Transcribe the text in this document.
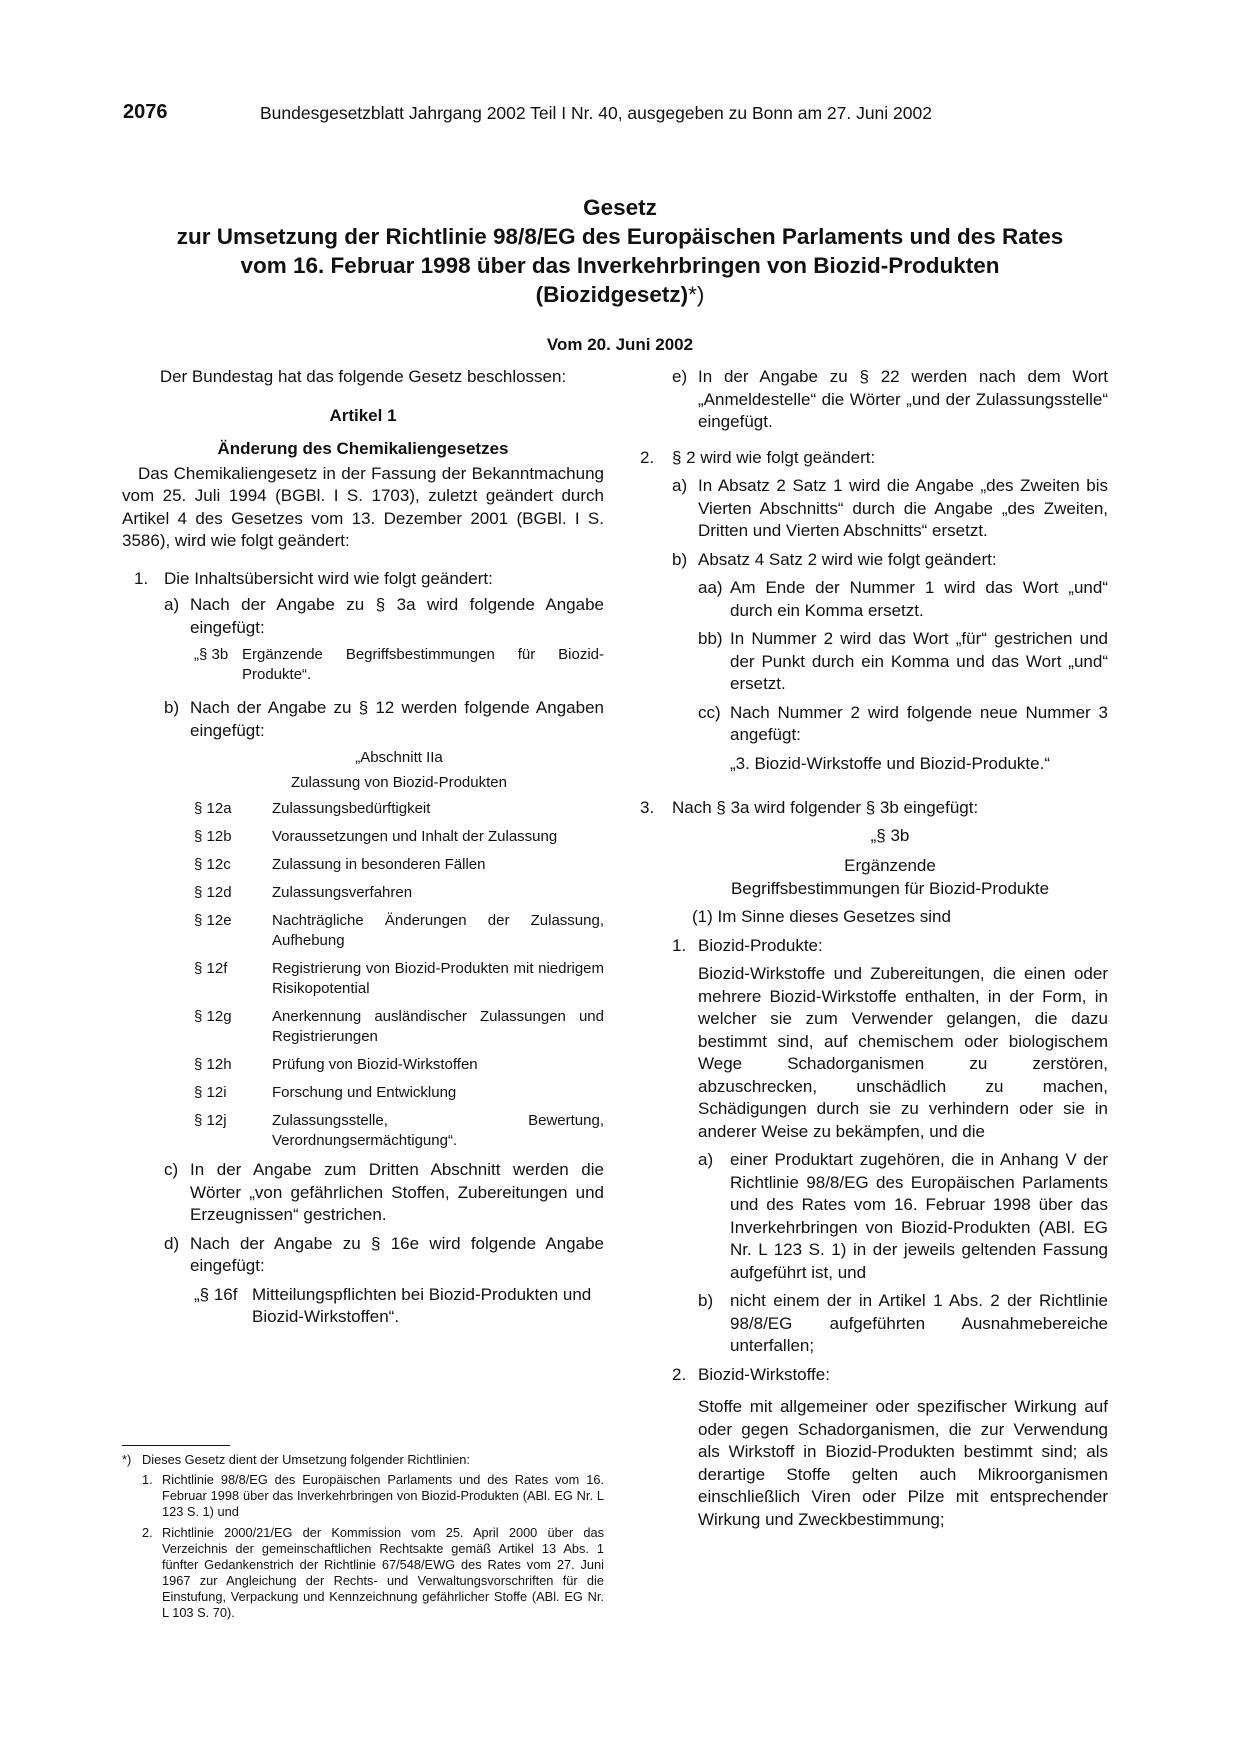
2076	Bundesgesetzblatt Jahrgang 2002 Teil I Nr. 40, ausgegeben zu Bonn am 27. Juni 2002
Gesetz
zur Umsetzung der Richtlinie 98/8/EG des Europäischen Parlaments und des Rates
vom 16. Februar 1998 über das Inverkehrbringen von Biozid-Produkten
(Biozidgesetz)*)
Vom 20. Juni 2002

Der Bundestag hat das folgende Gesetz beschlossen:

Artikel 1

Änderung des Chemikaliengesetzes

Das Chemikaliengesetz in der Fassung der Bekanntmachung vom 25. Juli 1994 (BGBl. I S. 1703), zuletzt geändert durch Artikel 4 des Gesetzes vom 13. Dezember 2001 (BGBl. I S. 3586), wird wie folgt geändert:

1. Die Inhaltsübersicht wird wie folgt geändert:
a) Nach der Angabe zu § 3a wird folgende Angabe eingefügt:
„§ 3b Ergänzende Begriffsbestimmungen für Biozid-Produkte“.
b) Nach der Angabe zu § 12 werden folgende Angaben eingefügt:

„Abschnitt IIa

Zulassung von Biozid-Produkten

§ 12a	Zulassungsbedürftigkeit
§ 12b	Voraussetzungen und Inhalt der Zulassung
§ 12c	Zulassung in besonderen Fällen
§ 12d	Zulassungsverfahren
§ 12e	Nachträgliche Änderungen der Zulassung, Aufhebung
§ 12f	Registrierung von Biozid-Produkten mit niedrigem Risikopotential
§ 12g	Anerkennung ausländischer Zulassungen und Registrierungen
§ 12h	Prüfung von Biozid-Wirkstoffen
§ 12i	Forschung und Entwicklung
§ 12j	Zulassungsstelle, Bewertung, Verordnungsermächtigung“.
c) In der Angabe zum Dritten Abschnitt werden die Wörter „von gefährlichen Stoffen, Zubereitungen und Erzeugnissen“ gestrichen.
d) Nach der Angabe zu § 16e wird folgende Angabe eingefügt:
„§ 16f Mitteilungspflichten bei Biozid-Produkten und Biozid-Wirkstoffen“.
*) Dieses Gesetz dient der Umsetzung folgender Richtlinien:
1. Richtlinie 98/8/EG des Europäischen Parlaments und des Rates vom 16. Februar 1998 über das Inverkehrbringen von Biozid-Produkten (ABl. EG Nr. L 123 S. 1) und
2. Richtlinie 2000/21/EG der Kommission vom 25. April 2000 über das Verzeichnis der gemeinschaftlichen Rechtsakte gemäß Artikel 13 Abs. 1 fünfter Gedankenstrich der Richtlinie 67/548/EWG des Rates vom 27. Juni 1967 zur Angleichung der Rechts- und Verwaltungsvorschriften für die Einstufung, Verpackung und Kennzeichnung gefährlicher Stoffe (ABl. EG Nr. L 103 S. 70).
e) In der Angabe zu § 22 werden nach dem Wort „Anmeldestelle“ die Wörter „und der Zulassungsstelle“ eingefügt.
2.	§ 2 wird wie folgt geändert:
a) In Absatz 2 Satz 1 wird die Angabe „des Zweiten bis Vierten Abschnitts“ durch die Angabe „des Zweiten, Dritten und Vierten Abschnitts“ ersetzt.
b) Absatz 4 Satz 2 wird wie folgt geändert:
aa) Am Ende der Nummer 1 wird das Wort „und“ durch ein Komma ersetzt.
bb) In Nummer 2 wird das Wort „für“ gestrichen und der Punkt durch ein Komma und das Wort „und“ ersetzt.
cc) Nach Nummer 2 wird folgende neue Nummer 3 angefügt:

„3. Biozid-Wirkstoffe und Biozid-Produkte.“

3.	Nach § 3a wird folgender § 3b eingefügt:

„§ 3b

Ergänzende

Begriffsbestimmungen für Biozid-Produkte

(1) Im Sinne dieses Gesetzes sind

1. Biozid-Produkte:

Biozid-Wirkstoffe und Zubereitungen, die einen oder mehrere Biozid-Wirkstoffe enthalten, in der Form, in welcher sie zum Verwender gelangen, die dazu bestimmt sind, auf chemischem oder biologischem Wege Schadorganismen zu zerstören, abzuschrecken, unschädlich zu machen, Schädigungen durch sie zu verhindern oder sie in anderer Weise zu bekämpfen, und die

a) einer Produktart zugehören, die in Anhang V der Richtlinie 98/8/EG des Europäischen Parlaments und des Rates vom 16. Februar 1998 über das Inverkehrbringen von Biozid-Produkten (ABl. EG Nr. L 123 S. 1) in der jeweils geltenden Fassung aufgeführt ist, und
b) nicht einem der in Artikel 1 Abs. 2 der Richtlinie 98/8/EG aufgeführten Ausnahmebereiche unterfallen;
2. Biozid-Wirkstoffe:

Stoffe mit allgemeiner oder spezifischer Wirkung auf oder gegen Schadorganismen, die zur Verwendung als Wirkstoff in Biozid-Produkten bestimmt sind; als derartige Stoffe gelten auch Mikroorganismen einschließlich Viren oder Pilze mit entsprechender Wirkung und Zweckbestimmung;
